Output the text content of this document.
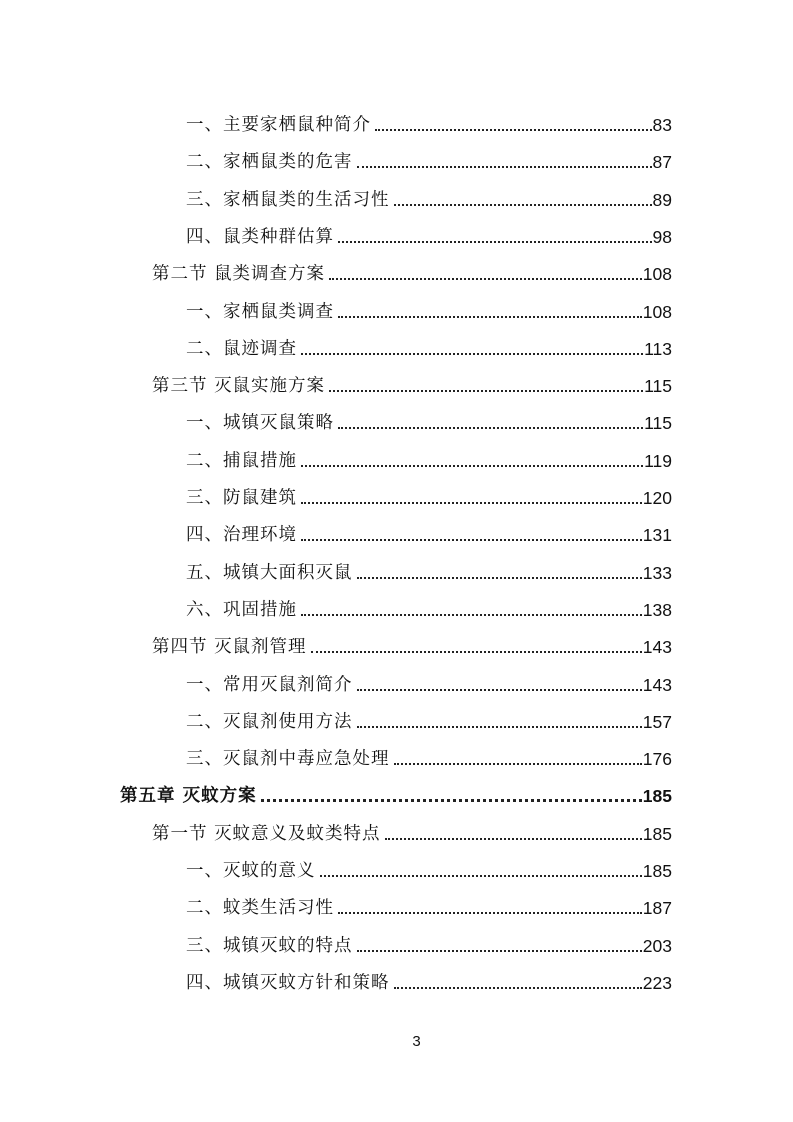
一、主要家栖鼠种简介	83
二、家栖鼠类的危害	87
三、家栖鼠类的生活习性	89
四、鼠类种群估算	98
第二节 鼠类调查方案	108
一、家栖鼠类调查	108
二、鼠迹调查	113
第三节 灭鼠实施方案	115
一、城镇灭鼠策略	115
二、捕鼠措施	119
三、防鼠建筑	120
四、治理环境	131
五、城镇大面积灭鼠	133
六、巩固措施	138
第四节 灭鼠剂管理	143
一、常用灭鼠剂简介	143
二、灭鼠剂使用方法	157
三、灭鼠剂中毒应急处理	176
第五章 灭蚊方案	185
第一节 灭蚊意义及蚊类特点	185
一、灭蚊的意义	185
二、蚊类生活习性	187
三、城镇灭蚊的特点	203
四、城镇灭蚊方针和策略	223
3
